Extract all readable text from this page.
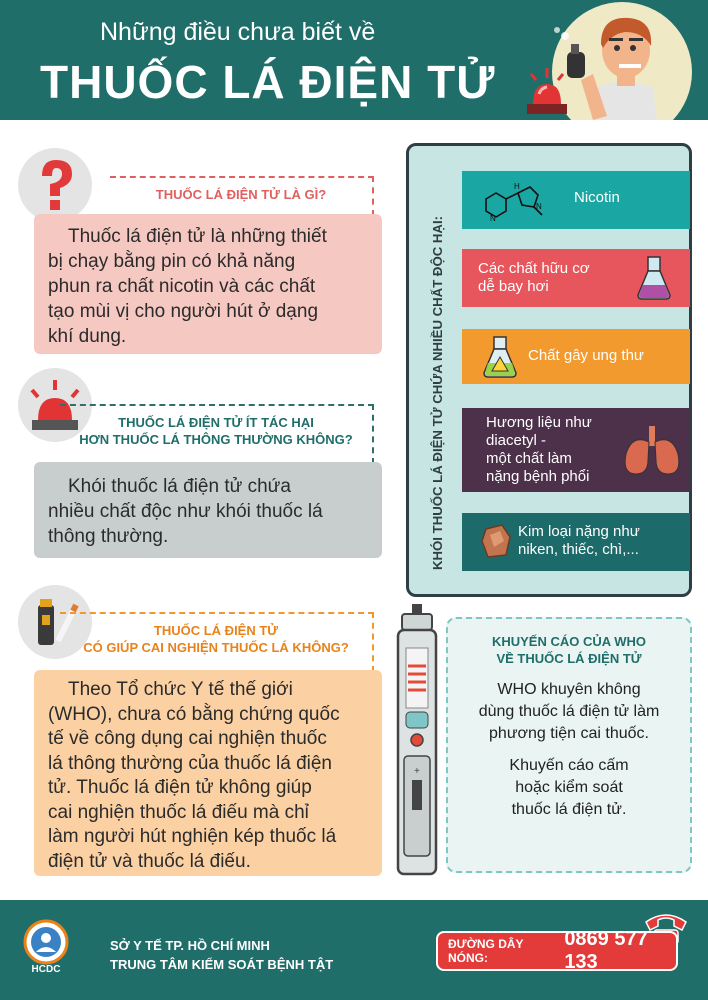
Những điều chưa biết về
THUỐC LÁ ĐIỆN TỬ
THUỐC LÁ ĐIỆN TỬ LÀ GÌ?
Thuốc lá điện tử là những thiết
bị chạy bằng pin có khả năng
phun ra chất nicotin và các chất
tạo mùi vị cho người hút ở dạng
khí dung.
THUỐC LÁ ĐIỆN TỬ ÍT TÁC HẠI
HƠN THUỐC LÁ THÔNG THƯỜNG KHÔNG?
Khói thuốc lá điện tử chứa
nhiều chất độc như khói thuốc lá
thông thường.
THUỐC LÁ ĐIỆN TỬ
CÓ GIÚP CAI NGHIỆN THUỐC LÁ KHÔNG?
Theo Tổ chức Y tế thế giới
(WHO), chưa có bằng chứng quốc
tế về công dụng cai nghiện thuốc
lá thông thường của thuốc lá điện
tử. Thuốc lá điện tử không giúp
cai nghiện thuốc lá điếu mà chỉ
làm người hút nghiện kép thuốc lá
điện tử và thuốc lá điếu.
KHÓI THUỐC LÁ ĐIỆN TỬ CHỨA NHIỀU CHẤT ĐỘC HẠI:	N
H
N
Nicotin
Các chất hữu cơ
dễ bay hơi
Chất gây ung thư
Hương liệu như
diacetyl -
một chất làm
nặng bệnh phổi
Kim loại nặng như
niken, thiếc, chì,...
+
KHUYẾN CÁO CỦA WHO
VỀ THUỐC LÁ ĐIỆN TỬ
WHO khuyên không
dùng thuốc lá điện tử làm
phương tiện cai thuốc.
Khuyến cáo cấm
hoặc kiểm soát
thuốc lá điện tử.
HCDC
SỞ Y TẾ TP. HỒ CHÍ MINH
TRUNG TÂM KIỂM SOÁT BỆNH TẬT
ĐƯỜNG DÂY NÓNG:
0869 577 133
